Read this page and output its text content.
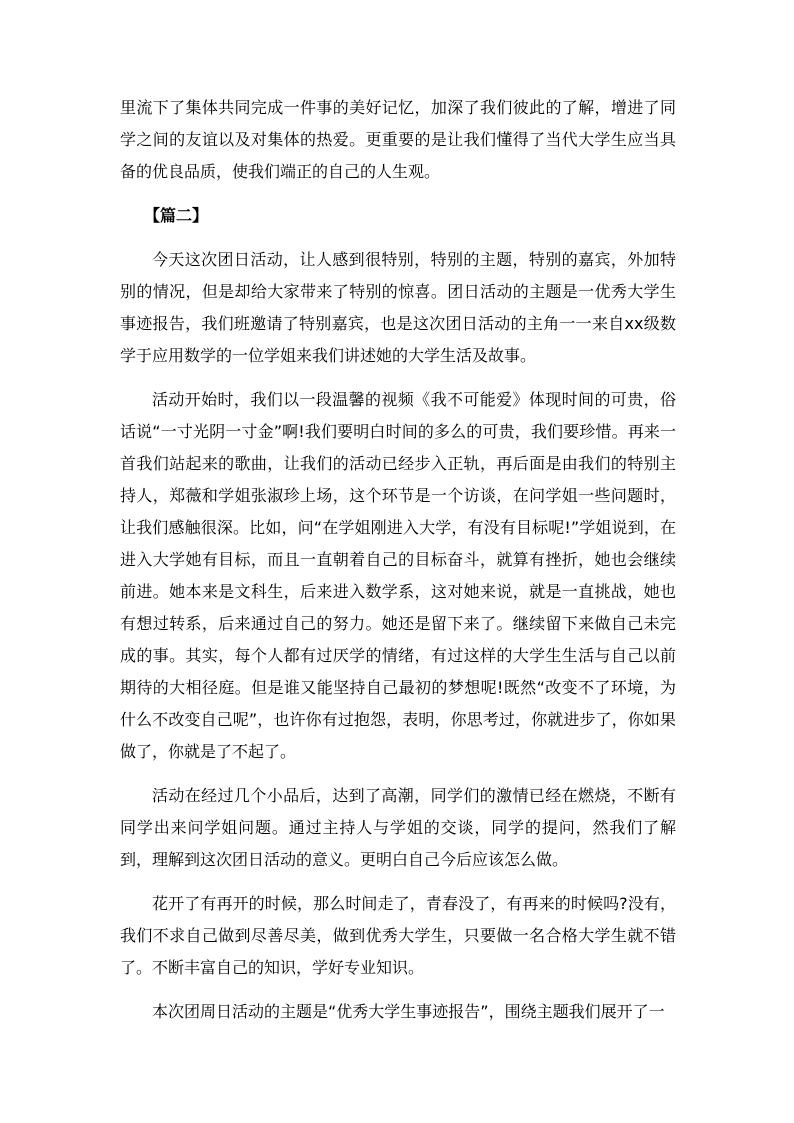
里流下了集体共同完成一件事的美好记忆，加深了我们彼此的了解，增进了同学之间的友谊以及对集体的热爱。更重要的是让我们懂得了当代大学生应当具备的优良品质，使我们端正的自己的人生观。

【篇二】

今天这次团日活动，让人感到很特别，特别的主题，特别的嘉宾，外加特别的情况，但是却给大家带来了特别的惊喜。团日活动的主题是一优秀大学生事迹报告，我们班邀请了特别嘉宾，也是这次团日活动的主角一一来自xx级数学于应用数学的一位学姐来我们讲述她的大学生活及故事。

活动开始时，我们以一段温馨的视频《我不可能爱》体现时间的可贵，俗话说“一寸光阴一寸金”啊!我们要明白时间的多么的可贵，我们要珍惜。再来一首我们站起来的歌曲，让我们的活动已经步入正轨，再后面是由我们的特别主持人，郑薇和学姐张淑珍上场，这个环节是一个访谈，在问学姐一些问题时，让我们感触很深。比如，问“在学姐刚进入大学，有没有目标呢!”学姐说到，在进入大学她有目标，而且一直朝着自己的目标奋斗，就算有挫折，她也会继续前进。她本来是文科生，后来进入数学系，这对她来说，就是一直挑战，她也有想过转系，后来通过自己的努力。她还是留下来了。继续留下来做自己未完成的事。其实，每个人都有过厌学的情绪，有过这样的大学生生活与自己以前期待的大相径庭。但是谁又能坚持自己最初的梦想呢!既然“改变不了环境，为什么不改变自己呢”，也许你有过抱怨，表明，你思考过，你就进步了，你如果做了，你就是了不起了。

活动在经过几个小品后，达到了高潮，同学们的激情已经在燃烧，不断有同学出来问学姐问题。通过主持人与学姐的交谈，同学的提问，然我们了解到，理解到这次团日活动的意义。更明白自己今后应该怎么做。

花开了有再开的时候，那么时间走了，青春没了，有再来的时候吗?没有，我们不求自己做到尽善尽美，做到优秀大学生，只要做一名合格大学生就不错了。不断丰富自己的知识，学好专业知识。

本次团周日活动的主题是“优秀大学生事迹报告”，围绕主题我们展开了一
